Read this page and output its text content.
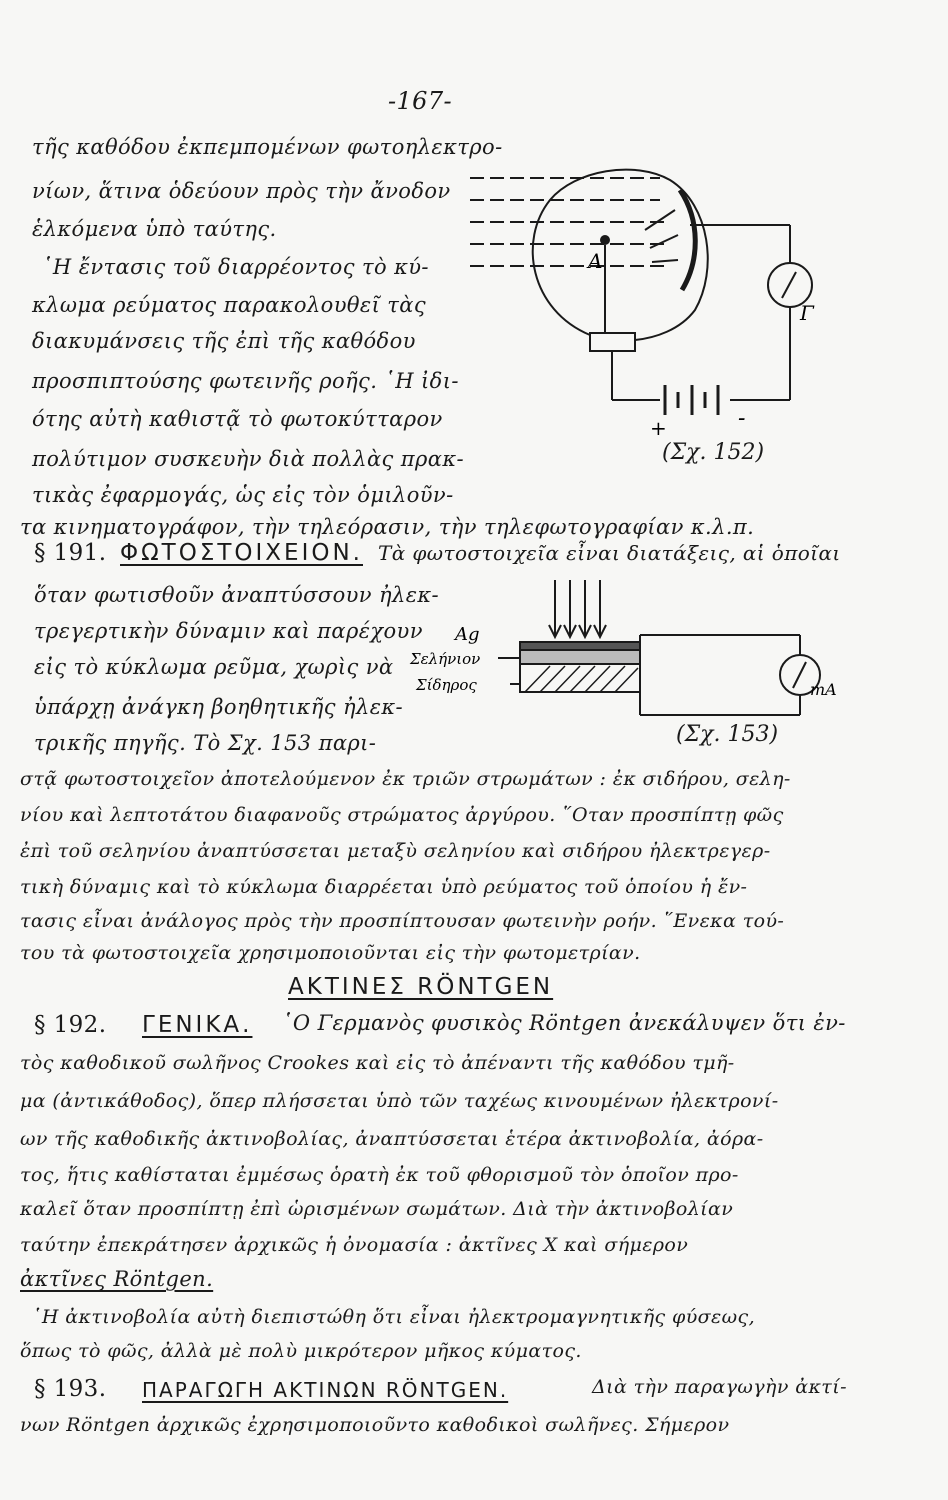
-167-
τῆς καθόδου ἐκπεμπομένων φωτοηλεκτρο-
νίων, ἅτινα ὁδεύουν πρὸς τὴν ἄνοδον
ἑλκόμενα ὑπὸ ταύτης.
῾Η ἔντασις τοῦ διαρρέοντος τὸ κύ-
κλωμα ρεύματος παρακολουθεῖ τὰς
διακυμάνσεις τῆς ἐπὶ τῆς καθόδου
προσπιπτούσης φωτεινῆς ροῆς. ῾Η ἰδι-
ότης αὐτὴ καθιστᾷ τὸ φωτοκύτταρον
πολύτιμον συσκευὴν διὰ πολλὰς πρακ-
τικὰς ἐφαρμογάς, ὡς εἰς τὸν ὁμιλοῦν-
τα κινηματογράφον, τὴν τηλεόρασιν, τὴν τηλεφωτογραφίαν κ.λ.π.
A
Γ
+	-
(Σχ. 152)
§ 191. ΦΩΤΟΣΤΟΙΧΕΙΟΝ. Τὰ φωτοστοιχεῖα εἶναι διατάξεις, αἱ ὁποῖαι
ὅταν φωτισθοῦν ἀναπτύσσουν ἠλεκ-
τρεγερτικὴν δύναμιν καὶ παρέχουν
εἰς τὸ κύκλωμα ρεῦμα, χωρὶς νὰ
ὑπάρχῃ ἀνάγκη βοηθητικῆς ἠλεκ-
τρικῆς πηγῆς. Τὸ Σχ. 153 παρι-
στᾷ φωτοστοιχεῖον ἀποτελούμενον ἐκ τριῶν στρωμάτων : ἐκ σιδήρου, σελη-
νίου καὶ λεπτοτάτου διαφανοῦς στρώματος ἀργύρου. ῞Οταν προσπίπτῃ φῶς
ἐπὶ τοῦ σεληνίου ἀναπτύσσεται μεταξὺ σεληνίου καὶ σιδήρου ἠλεκτρεγερ-
τικὴ δύναμις καὶ τὸ κύκλωμα διαρρέεται ὑπὸ ρεύματος τοῦ ὁποίου ἡ ἔν-
τασις εἶναι ἀνάλογος πρὸς τὴν προσπίπτουσαν φωτεινὴν ροήν. ῞Ενεκα τού-
του τὰ φωτοστοιχεῖα χρησιμοποιοῦνται εἰς τὴν φωτομετρίαν.
Ag
Σελήνιον
Σίδηρος	mA
(Σχ. 153)
ΑΚΤΙΝΕΣ RÖNTGEN
§ 192. ΓΕΝΙΚΑ. ῾Ο Γερμανὸς φυσικὸς Röntgen ἀνεκάλυψεν ὅτι ἐν-
τὸς καθοδικοῦ σωλῆνος Crookes καὶ εἰς τὸ ἀπέναντι τῆς καθόδου τμῆ-
μα (ἀντικάθοδος), ὅπερ πλήσσεται ὑπὸ τῶν ταχέως κινουμένων ἠλεκτρονί-
ων τῆς καθοδικῆς ἀκτινοβολίας, ἀναπτύσσεται ἑτέρα ἀκτινοβολία, ἀόρα-
τος, ἥτις καθίσταται ἐμμέσως ὁρατὴ ἐκ τοῦ φθορισμοῦ τὸν ὁποῖον προ-
καλεῖ ὅταν προσπίπτῃ ἐπὶ ὡρισμένων σωμάτων. Διὰ τὴν ἀκτινοβολίαν
ταύτην ἐπεκράτησεν ἀρχικῶς ἡ ὀνομασία : ἀκτῖνες Χ καὶ σήμερον
ἀκτῖνες Röntgen.
῾Η ἀκτινοβολία αὐτὴ διεπιστώθη ὅτι εἶναι ἠλεκτρομαγνητικῆς φύσεως,
ὅπως τὸ φῶς, ἀλλὰ μὲ πολὺ μικρότερον μῆκος κύματος.
§ 193. ΠΑΡΑΓΩΓΗ ΑΚΤΙΝΩΝ RÖNTGEN.	Διὰ τὴν παραγωγὴν ἀκτί-
νων Röntgen ἀρχικῶς ἐχρησιμοποιοῦντο καθοδικοὶ σωλῆνες. Σήμερον
